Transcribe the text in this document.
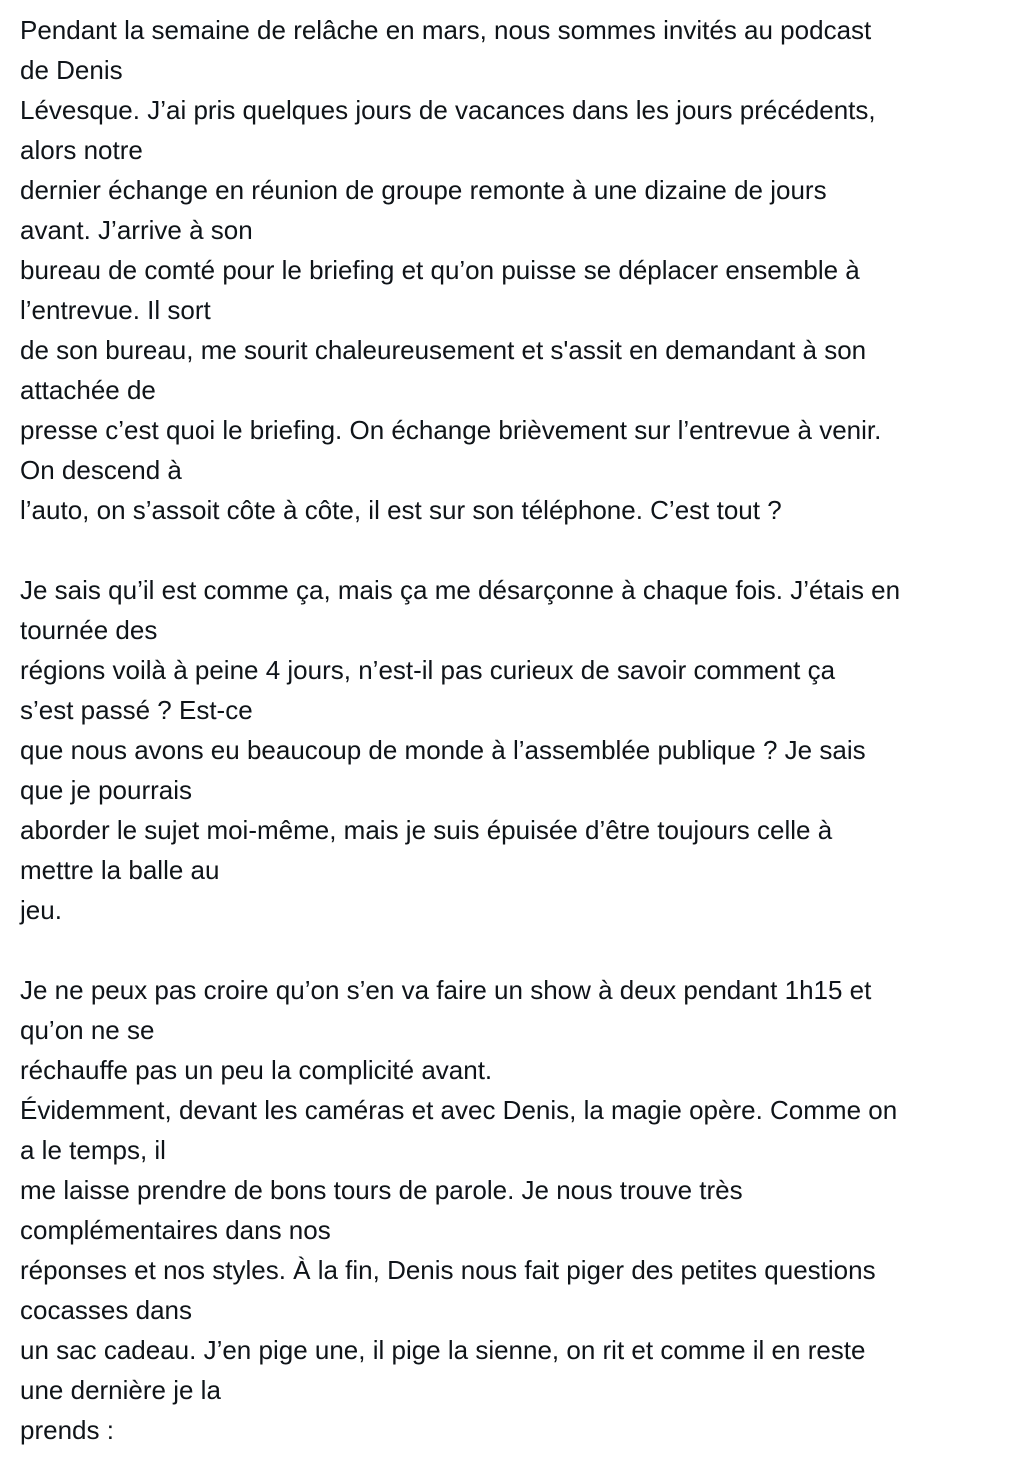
Pendant la semaine de relâche en mars, nous sommes invités au podcast
de Denis
Lévesque. J’ai pris quelques jours de vacances dans les jours précédents,
alors notre
dernier échange en réunion de groupe remonte à une dizaine de jours
avant. J’arrive à son
bureau de comté pour le briefing et qu’on puisse se déplacer ensemble à
l’entrevue. Il sort
de son bureau, me sourit chaleureusement et s'assit en demandant à son
attachée de
presse c’est quoi le briefing. On échange brièvement sur l’entrevue à venir.
On descend à
l’auto, on s’assoit côte à côte, il est sur son téléphone. C’est tout ?
Je sais qu’il est comme ça, mais ça me désarçonne à chaque fois. J’étais en
tournée des
régions voilà à peine 4 jours, n’est-il pas curieux de savoir comment ça
s’est passé ? Est-ce
que nous avons eu beaucoup de monde à l’assemblée publique ? Je sais
que je pourrais
aborder le sujet moi-même, mais je suis épuisée d’être toujours celle à
mettre la balle au
jeu.
Je ne peux pas croire qu’on s’en va faire un show à deux pendant 1h15 et
qu’on ne se
réchauffe pas un peu la complicité avant.
Évidemment, devant les caméras et avec Denis, la magie opère. Comme on
a le temps, il
me laisse prendre de bons tours de parole. Je nous trouve très
complémentaires dans nos
réponses et nos styles. À la fin, Denis nous fait piger des petites questions
cocasses dans
un sac cadeau. J’en pige une, il pige la sienne, on rit et comme il en reste
une dernière je la
prends :
